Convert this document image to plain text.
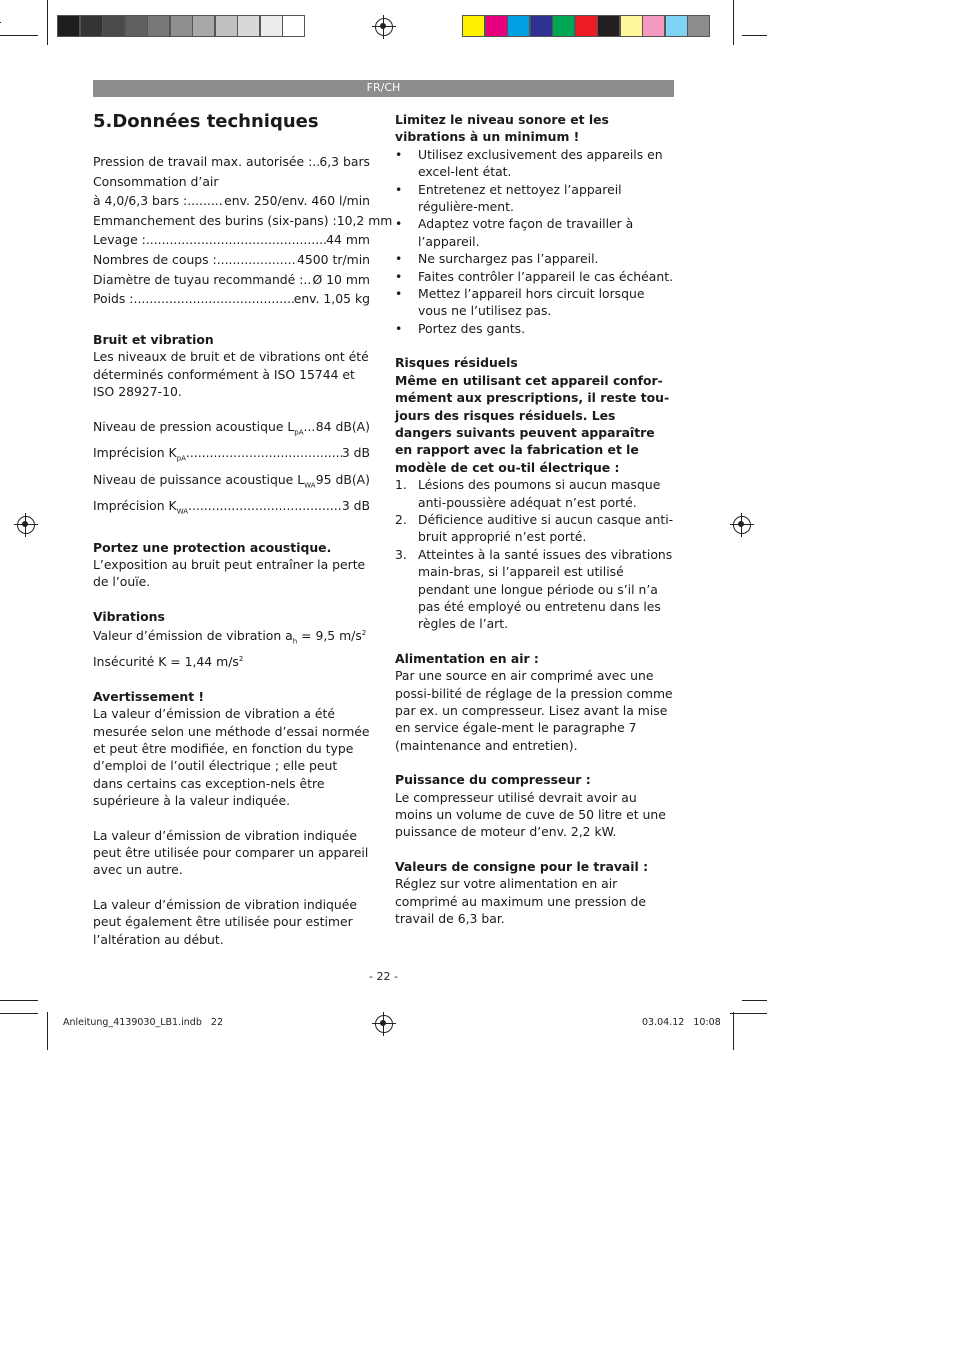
FR/CH

5.Données techniques

Pression de travail max. autorisée : ..... 6,3 bars
Consommation d’air
à 4,0/6,3 bars : .....	env. 250/env. 460 l/min
Emmanchement des burins (six-pans) : 10,2 mm
Levage : .....	44 mm
Nombres de coups : .....	4500 tr/min
Diamètre de tuyau recommandé : ..... Ø 10 mm
Poids : .....	env. 1,05 kg

Bruit et vibration

Les niveaux de bruit et de vibrations ont été déterminés conformément à ISO 15744 et ISO 28927-10.

Niveau de pression acoustique $L_{pA}$ ..... 84 dB(A)
Imprécision $K_{pA}$ .....	3 dB
Niveau de puissance acoustique $L_{WA}$ ..... 95 dB(A)
Imprécision $K_{WA}$ .....	3 dB

Portez une protection acoustique.

L’exposition au bruit peut entraîner la perte de l’ouïe.

Vibrations

Valeur d’émission de vibration $a_h = 9,5$ $m/s^2$

Insécurité K = 1,44 $m/s^2$

Avertissement !

La valeur d’émission de vibration a été mesurée selon une méthode d’essai normée et peut être modifiée, en fonction du type d’emploi de l’outil électrique ; elle peut dans certains cas exception-nels être supérieure à la valeur indiquée.

La valeur d’émission de vibration indiquée peut être utilisée pour comparer un appareil avec un autre.

La valeur d’émission de vibration indiquée peut également être utilisée pour estimer l’altération au début.

Limitez le niveau sonore et les vibrations à un minimum !

• Utilisez exclusivement des appareils en excel-lent état.
• Entretenez et nettoyez l’appareil régulière-ment.
• Adaptez votre façon de travailler à l’appareil.
• Ne surchargez pas l’appareil.
• Faites contrôler l’appareil le cas échéant.
• Mettez l’appareil hors circuit lorsque vous ne l’utilisez pas.
• Portez des gants.

Risques résiduels

Même en utilisant cet appareil confor-mément aux prescriptions, il reste tou-jours des risques résiduels. Les dangers suivants peuvent apparaître en rapport avec la fabrication et le modèle de cet ou-til électrique :

1. Lésions des poumons si aucun masque anti-poussière adéquat n’est porté.
2. Déficience auditive si aucun casque anti-bruit approprié n’est porté.
3. Atteintes à la santé issues des vibrations main-bras, si l’appareil est utilisé pendant une longue période ou s’il n’a pas été employé ou entretenu dans les règles de l’art.

Alimentation en air :

Par une source en air comprimé avec une possi-bilité de réglage de la pression comme par ex. un compresseur. Lisez avant la mise en service égale-ment le paragraphe 7 (maintenance and entretien).

Puissance du compresseur :

Le compresseur utilisé devrait avoir au moins un volume de cuve de 50 litre et une puissance de moteur d’env. 2,2 kW.

Valeurs de consigne pour le travail :

Réglez sur votre alimentation en air comprimé au maximum une pression de travail de 6,3 bar.

- 22 -
Anleitung_4139030_LB1.indb   22	03.04.12   10:08
